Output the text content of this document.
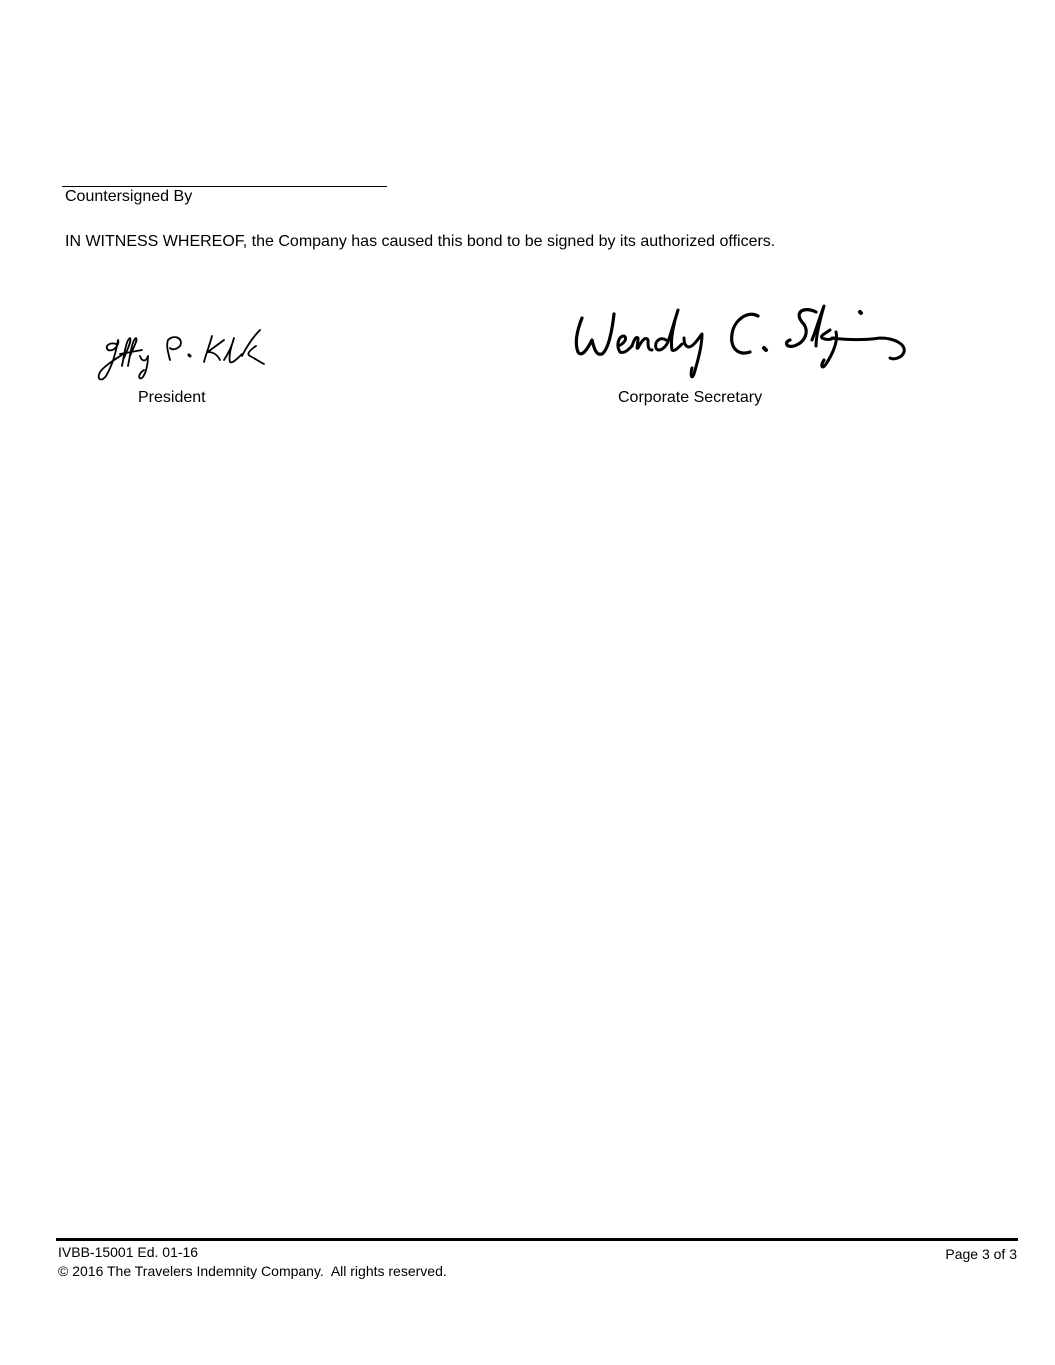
Countersigned By
IN WITNESS WHEREOF, the Company has caused this bond to be signed by its authorized officers.
President	Corporate Secretary
IVBB-15001 Ed. 01-16
© 2016 The Travelers Indemnity Company.  All rights reserved.
Page 3 of 3
